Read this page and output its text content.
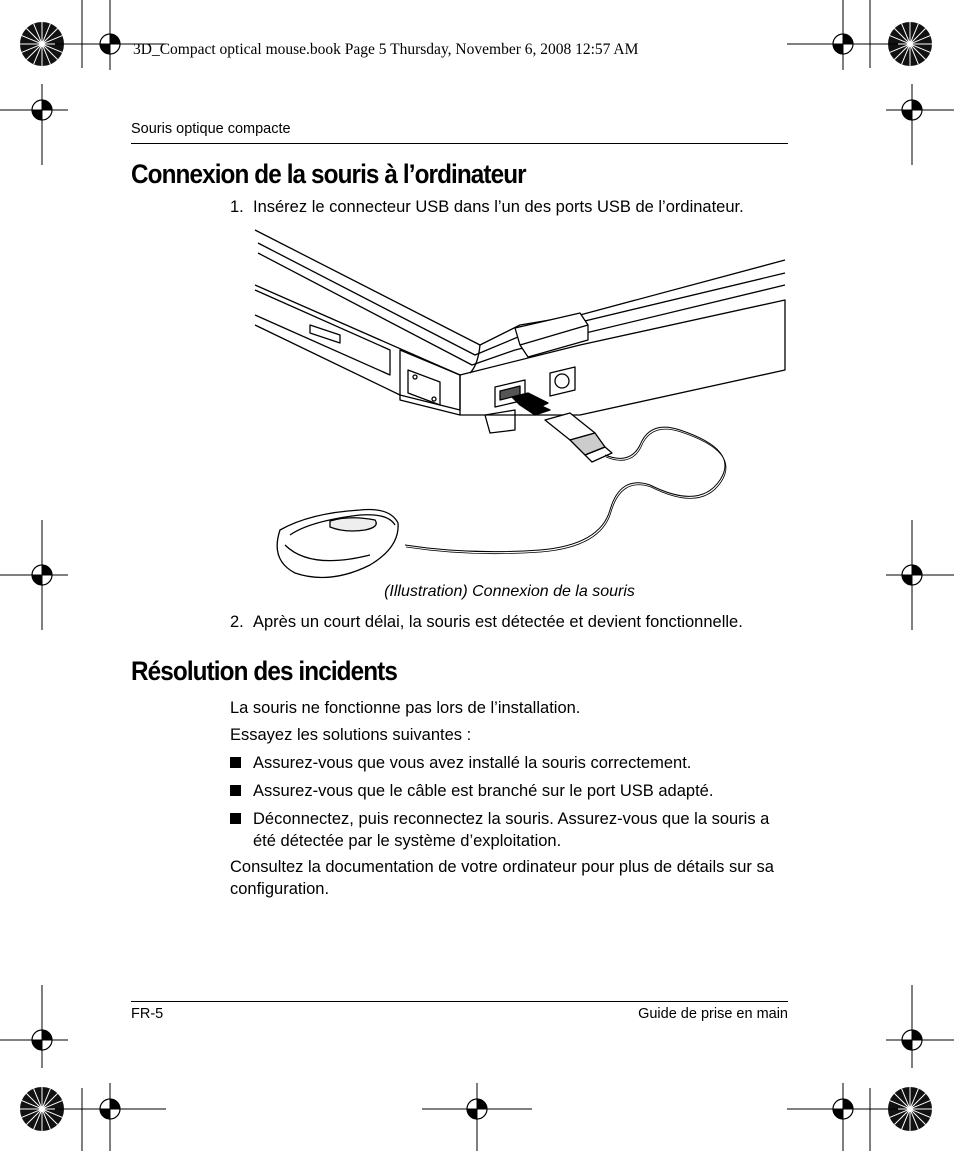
3D_Compact optical mouse.book Page 5 Thursday, November 6, 2008 12:57 AM
Souris optique compacte
Connexion de la souris à l’ordinateur
1. Insérez le connecteur USB dans l’un des ports USB de l’ordinateur.
(Illustration) Connexion de la souris
2. Après un court délai, la souris est détectée et devient fonctionnelle.
Résolution des incidents
La souris ne fonctionne pas lors de l’installation.
Essayez les solutions suivantes :
Assurez-vous que vous avez installé la souris correctement.
Assurez-vous que le câble est branché sur le port USB adapté.
Déconnectez, puis reconnectez la souris. Assurez-vous que la souris a été détectée par le système d’exploitation.
Consultez la documentation de votre ordinateur pour plus de détails sur sa configuration.
FR-5	Guide de prise en main
